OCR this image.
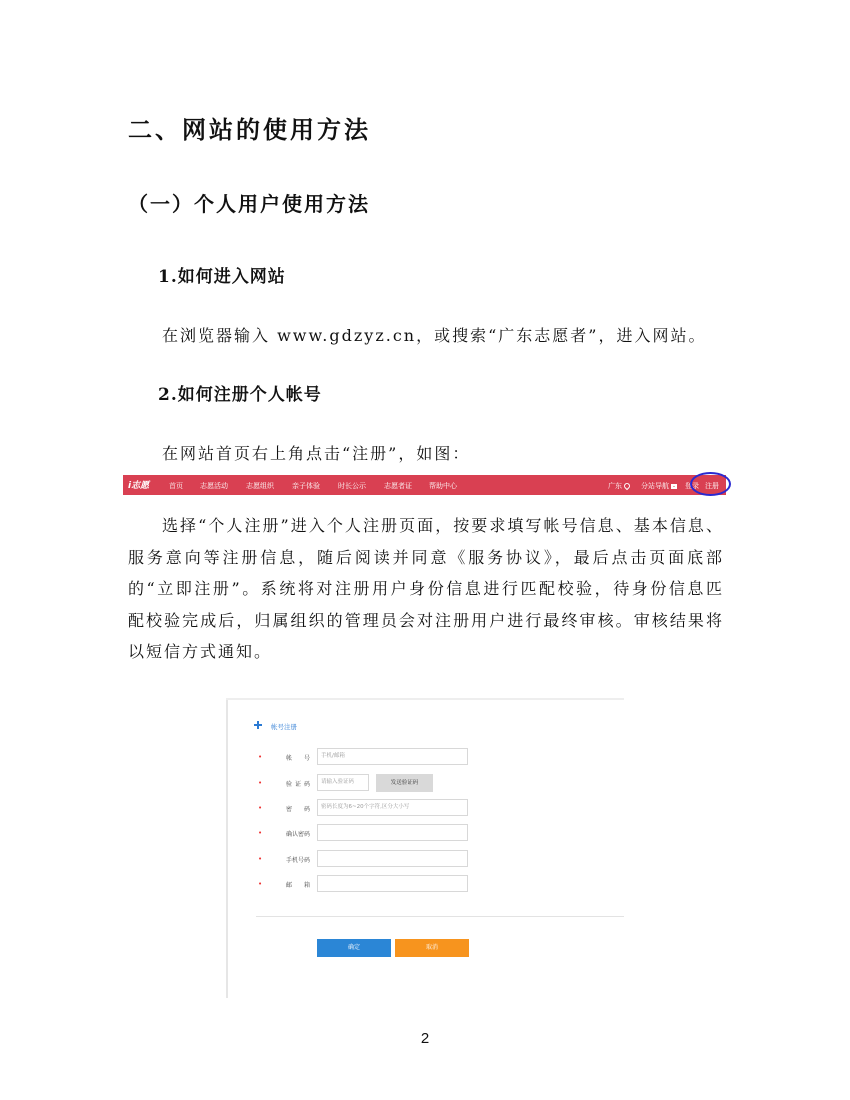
二、网站的使用方法
（一）个人用户使用方法
1.如何进入网站

在浏览器输入 www.gdzyz.cn，或搜索“广东志愿者”，进入网站。

2.如何注册个人帐号

在网站首页右上角点击“注册”，如图：

i志愿	首页 志愿活动	志愿组织	亲子体验	时长公示	志愿者证 帮助中心	广东	分站导航	登录 注册

选择“个人注册”进入个人注册页面，按要求填写帐号信息、基本信息、服务意向等注册信息，随后阅读并同意《服务协议》，最后点击页面底部的“立即注册”。系统将对注册用户身份信息进行匹配校验，待身份信息匹配校验完成后，归属组织的管理员会对注册用户进行最终审核。审核结果将以短信方式通知。

帐号注册
•	帐　号	手机/邮箱
•	验证码	请输入验证码	发送验证码
•	密　码	密码长度为6~20个字符,区分大小写
•	确认密码
•	手机号码
•	邮　箱
确定	取消
2
